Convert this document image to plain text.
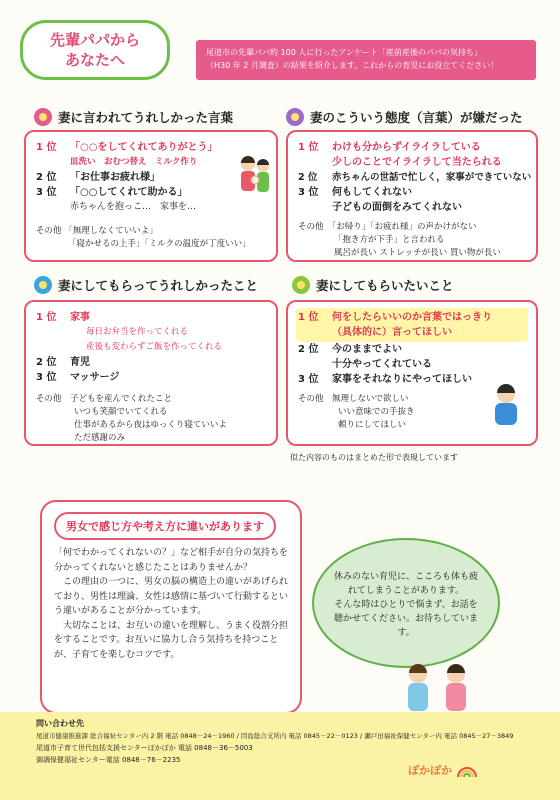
先輩パパから
あなたへ	尾道市の先輩パパ約 100 人に行ったアンケート「産前産後のパパの気持ち」
（H30 年 2 月調査）の結果を紹介します。これからの育児にお役立てください！
妻に言われてうれしかった言葉
1 位 「○○をしてくれてありがとう」
皿洗い　おむつ替え　ミルク作り
2 位 「お仕事お疲れ様」
3 位 「○○してくれて助かる」
赤ちゃんを抱っこ…　家事を…
その他 「無理しなくていいよ」
「寝かせるの上手」「ミルクの温度が丁度いい」
妻のこういう態度（言葉）が嫌だった
1 位 わけも分からずイライラしている
少しのことでイライラして当たられる
2 位 赤ちゃんの世話で忙しく，家事ができていない
3 位 何もしてくれない
子どもの面倒をみてくれない
その他　 「お帰り」「お疲れ様」の声かけがない
「抱き方が下手」と言われる
風呂が長い ストレッチが長い 買い物が長い
妻にしてもらってうれしかったこと
1 位 家事
毎日お弁当を作ってくれる
産後も変わらずご飯を作ってくれる
2 位 育児
3 位 マッサージ
その他　 子どもを産んでくれたこと
いつも笑顔でいてくれる
仕事があるから夜はゆっくり寝ていいよ
ただ感謝のみ
妻にしてもらいたいこと
1 位 何をしたらいいのか言葉ではっきり
（具体的に）言ってほしい
2 位 今のままでよい
十分やってくれている
3 位 家事をそれなりにやってほしい
その他　 無理しないで欲しい
いい意味での手抜き
頼りにしてほしい
似た内容のものはまとめた形で表現しています
男女で感じ方や考え方に違いがあります

「何でわかってくれないの？」など相手が自分の気持ちを分かってくれないと感じたことはありませんか？

この理由の一つに、男女の脳の構造上の違いがあげられており、男性は理論、女性は感情に基づいて行動するという違いがあることが分かっています。

大切なことは、お互いの違いを理解し、うまく役割分担をすることです。お互いに協力し合う気持ちを持つことが、子育てを楽しむコツです。

休みのない育児に、こころも体も疲れてしまうことがあります。
そんな時はひとりで悩まず、お話を聴かせてください。お待ちしています。
問い合わせ先
尾道市健康推進課 総合福祉センター内 2 階 電話 0848－24－1960 / 因島総合支所内 電話 0845－22－0123 / 瀬戸田福祉保健センター内 電話 0845－27－3849
尾道市子育て世代包括支援センターぽかぽか 電話 0848－36－5003
御調保健福祉センター電話 0848－76－2235
ぽかぽか
